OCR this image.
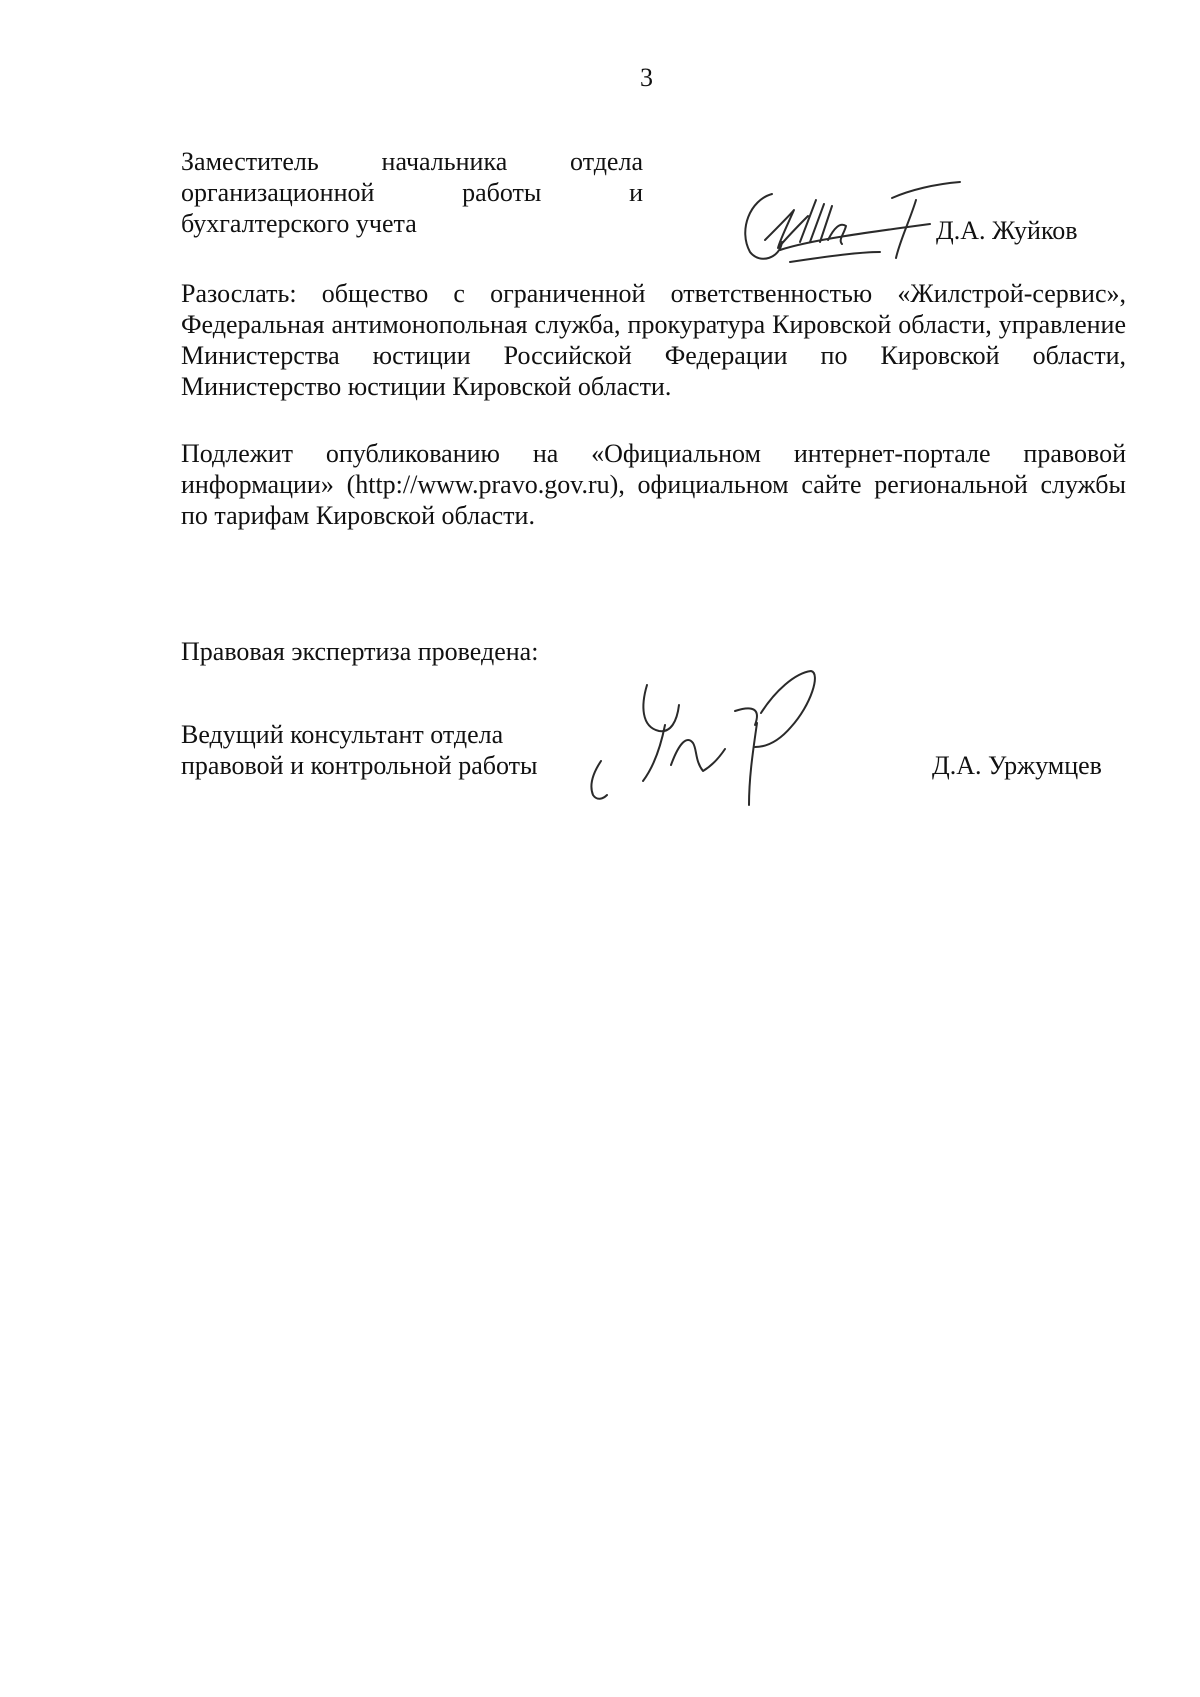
3
Заместитель начальника отдела
организационной работы и
бухгалтерского учета	Д.А. Жуйков
Разослать: общество с ограниченной ответственностью «Жилстрой-сервис», Федеральная антимонопольная служба, прокуратура Кировской области, управление Министерства юстиции Российской Федерации по Кировской области, Министерство юстиции Кировской области.
Подлежит опубликованию на «Официальном интернет-портале правовой информации» (http://www.pravo.gov.ru), официальном сайте региональной службы по тарифам Кировской области.
Правовая экспертиза проведена:
Ведущий консультант отдела
правовой и контрольной работы	Д.А. Уржумцев
